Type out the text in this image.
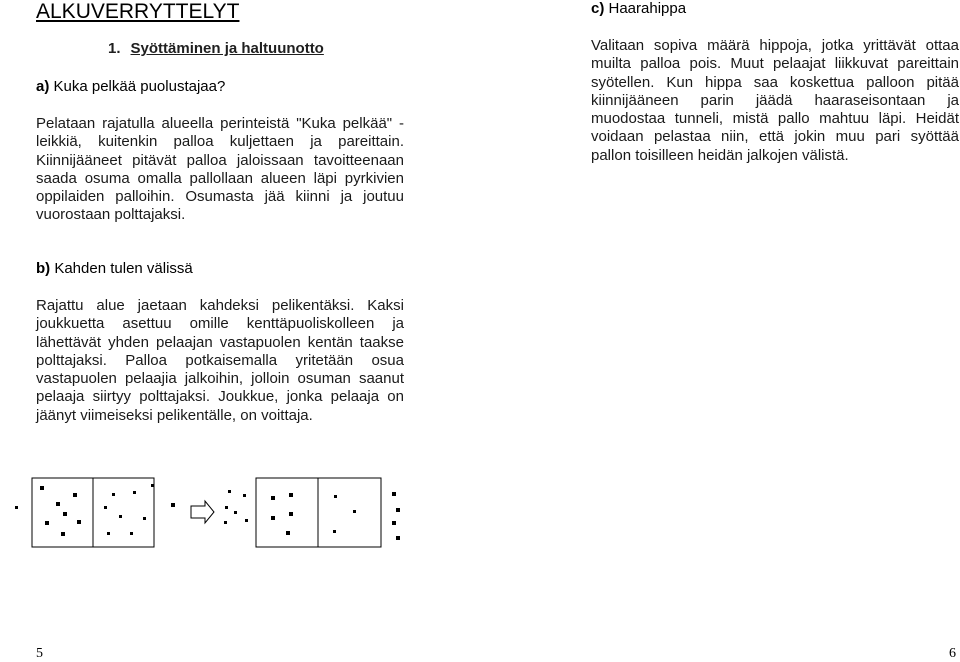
ALKUVERRYTTELYT
1. Syöttäminen ja haltuunotto
a) Kuka pelkää puolustajaa?

Pelataan rajatulla alueella perinteistä "Kuka pelkää" -leikkiä, kuitenkin palloa kuljettaen ja pareittain. Kiinnijääneet pitävät palloa jaloissaan tavoitteenaan saada osuma omalla pallollaan alueen läpi pyrkivien oppilaiden palloihin. Osumasta jää kiinni ja joutuu vuorostaan polttajaksi.

b) Kahden tulen välissä

Rajattu alue jaetaan kahdeksi pelikentäksi. Kaksi joukkuetta asettuu omille kenttäpuoliskolleen ja lähettävät yhden pelaajan vastapuolen kentän taakse polttajaksi. Palloa potkaisemalla yritetään osua vastapuolen pelaajia jalkoihin, jolloin osuman saanut pelaaja siirtyy polttajaksi. Joukkue, jonka pelaaja on jäänyt viimeiseksi pelikentälle, on voittaja.

c) Haarahippa

Valitaan sopiva määrä hippoja, jotka yrittävät ottaa muilta palloa pois. Muut pelaajat liikkuvat pareittain syötellen. Kun hippa saa koskettua palloon pitää kiinnijääneen parin jäädä haaraseisontaan ja muodostaa tunneli, mistä pallo mahtuu läpi. Heidät voidaan pelastaa niin, että jokin muu pari syöttää pallon toisilleen heidän jalkojen välistä.

5	6
